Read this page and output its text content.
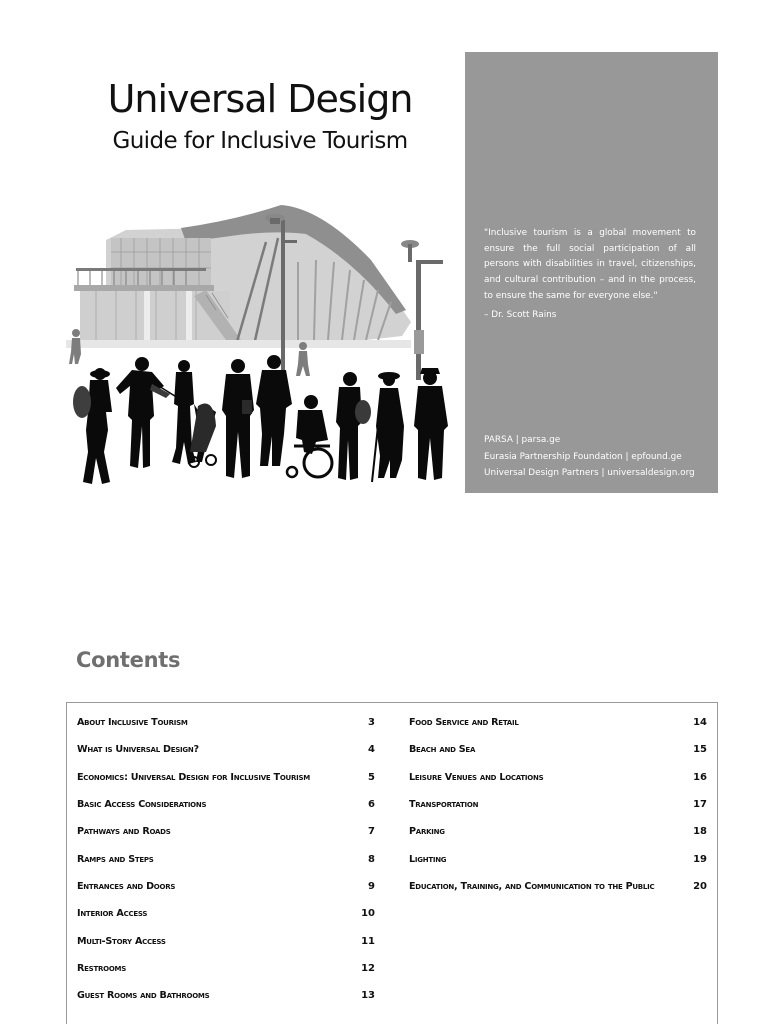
Universal Design
Guide for Inclusive Tourism

"Inclusive tourism is a global movement to ensure the full social participation of all persons with disabilities in travel, citizenships, and cultural contribution – and in the process, to ensure the same for everyone else."

– Dr. Scott Rains

PARSA | parsa.ge
Eurasia Partnership Foundation | epfound.ge
Universal Design Partners | universaldesign.org
Contents
About Inclusive Tourism	3
What is Universal Design?	4
Economics: Universal Design for Inclusive Tourism	5
Basic Access Considerations	6
Pathways and Roads	7
Ramps and Steps	8
Entrances and Doors	9
Interior Access	10
Multi-Story Access	11
Restrooms	12
Guest Rooms and Bathrooms	13
Food Service and Retail	14
Beach and Sea	15
Leisure Venues and Locations	16
Transportation	17
Parking	18
Lighting	19
Education, Training, and Communication to the Public	20
